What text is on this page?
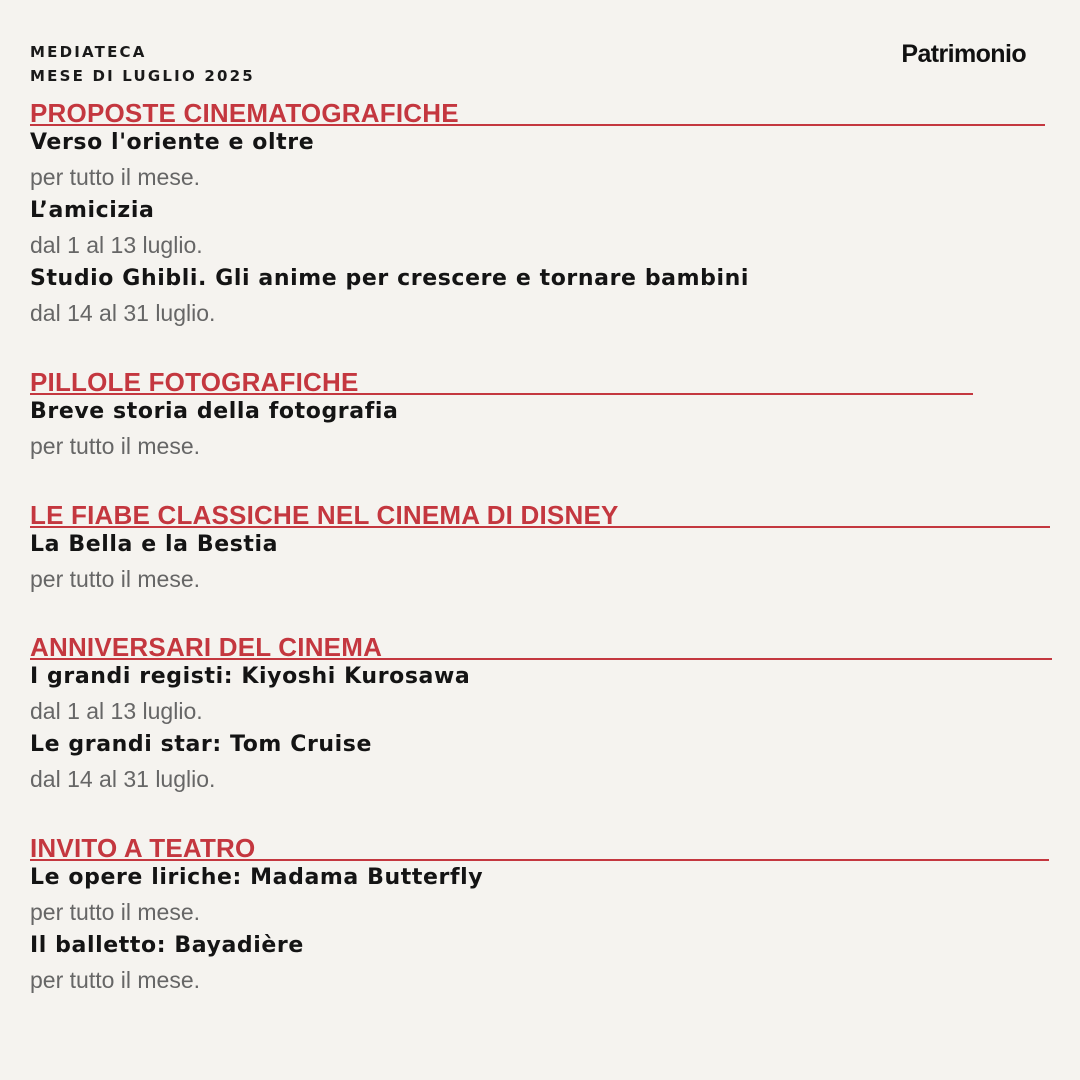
MEDIATECA
MESE DI LUGLIO 2025
Patrimonio
PROPOSTE CINEMATOGRAFICHE
Verso l'oriente e oltre
per tutto il mese.
L’amicizia
dal 1 al 13 luglio.
Studio Ghibli. Gli anime per crescere e tornare bambini
dal 14 al 31 luglio.
PILLOLE FOTOGRAFICHE
Breve storia della fotografia
per tutto il mese.
LE FIABE CLASSICHE NEL CINEMA DI DISNEY
La Bella e la Bestia
per tutto il mese.
ANNIVERSARI DEL CINEMA
I grandi registi: Kiyoshi Kurosawa
dal 1 al 13 luglio.
Le grandi star: Tom Cruise
dal 14 al 31 luglio.
INVITO A TEATRO
Le opere liriche: Madama Butterfly
per tutto il mese.
Il balletto: Bayadière
per tutto il mese.
